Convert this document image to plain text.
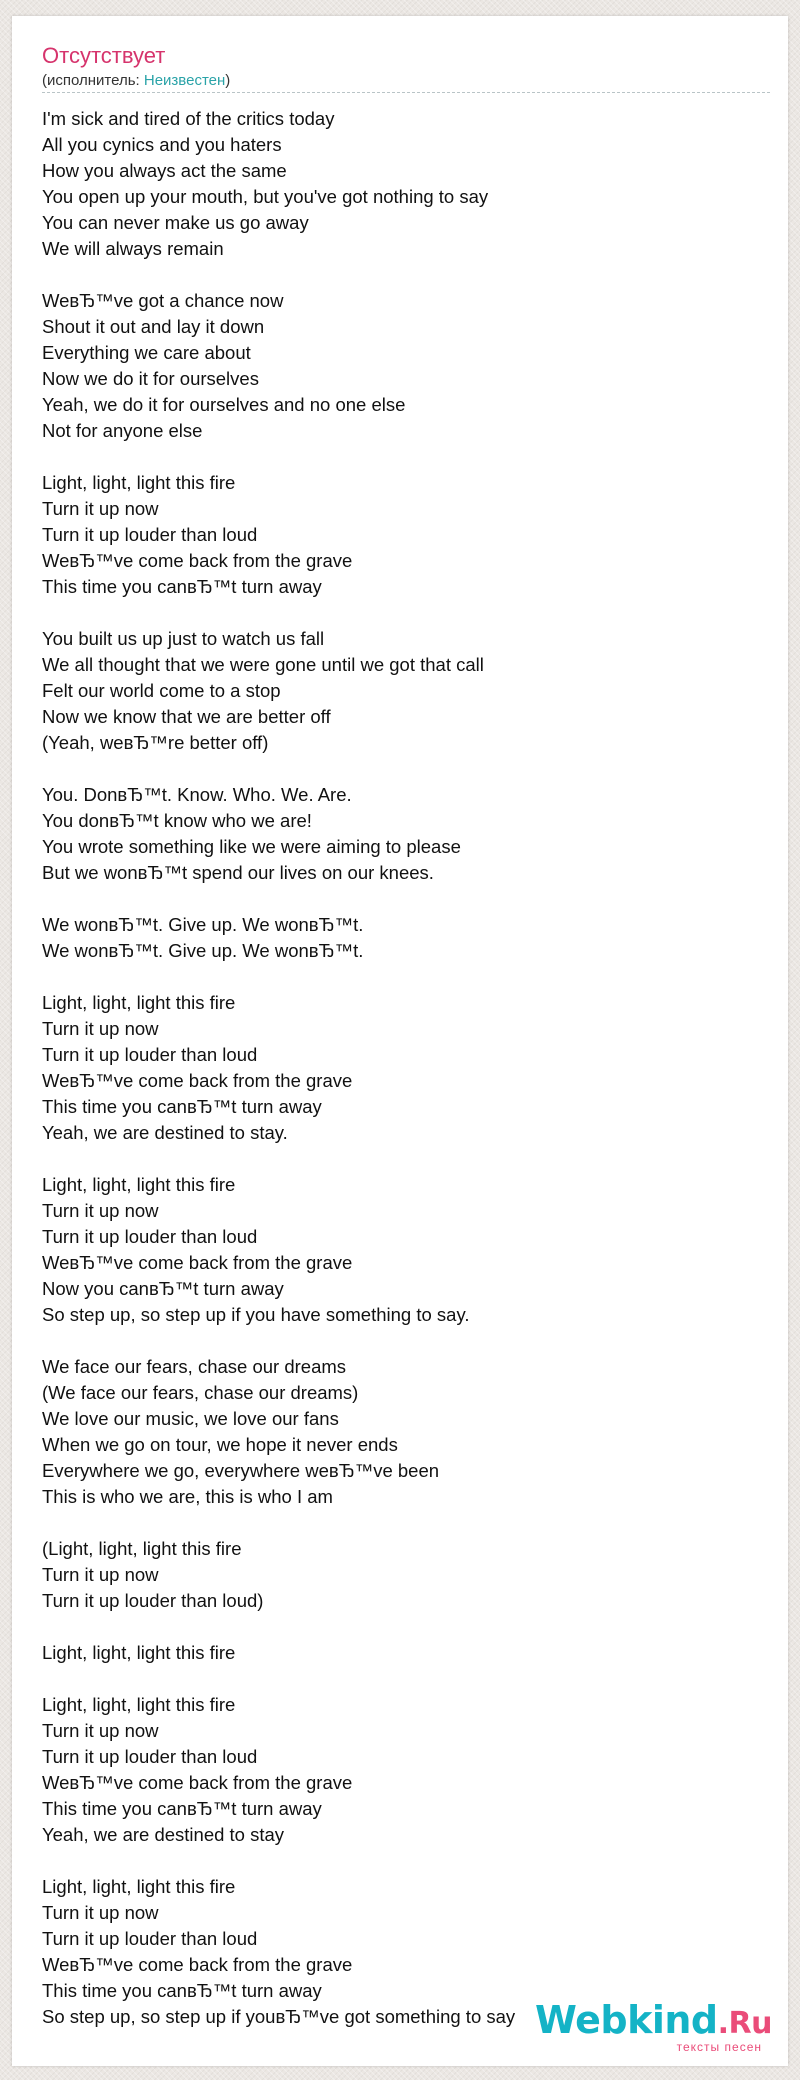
Отсутствует
(исполнитель: Неизвестен)
I'm sick and tired of the critics today
All you cynics and you haters
How you always act the same
You open up your mouth, but you've got nothing to say
You can never make us go away
We will always remain
WeвЂ™ve got a chance now
Shout it out and lay it down
Everything we care about
Now we do it for ourselves
Yeah, we do it for ourselves and no one else
Not for anyone else
Light, light, light this fire
Turn it up now
Turn it up louder than loud
WeвЂ™ve come back from the grave
This time you canвЂ™t turn away
You built us up just to watch us fall
We all thought that we were gone until we got that call
Felt our world come to a stop
Now we know that we are better off
(Yeah, weвЂ™re better off)
You. DonвЂ™t. Know. Who. We. Are.
You donвЂ™t know who we are!
You wrote something like we were aiming to please
But we wonвЂ™t spend our lives on our knees.
We wonвЂ™t. Give up. We wonвЂ™t.
We wonвЂ™t. Give up. We wonвЂ™t.
Light, light, light this fire
Turn it up now
Turn it up louder than loud
WeвЂ™ve come back from the grave
This time you canвЂ™t turn away
Yeah, we are destined to stay.
Light, light, light this fire
Turn it up now
Turn it up louder than loud
WeвЂ™ve come back from the grave
Now you canвЂ™t turn away
So step up, so step up if you have something to say.
We face our fears, chase our dreams
(We face our fears, chase our dreams)
We love our music, we love our fans
When we go on tour, we hope it never ends
Everywhere we go, everywhere weвЂ™ve been
This is who we are, this is who I am
(Light, light, light this fire
Turn it up now
Turn it up louder than loud)
Light, light, light this fire
Light, light, light this fire
Turn it up now
Turn it up louder than loud
WeвЂ™ve come back from the grave
This time you canвЂ™t turn away
Yeah, we are destined to stay
Light, light, light this fire
Turn it up now
Turn it up louder than loud
WeвЂ™ve come back from the grave
This time you canвЂ™t turn away
So step up, so step up if youвЂ™ve got something to say Webkind.Ru
тексты песен
